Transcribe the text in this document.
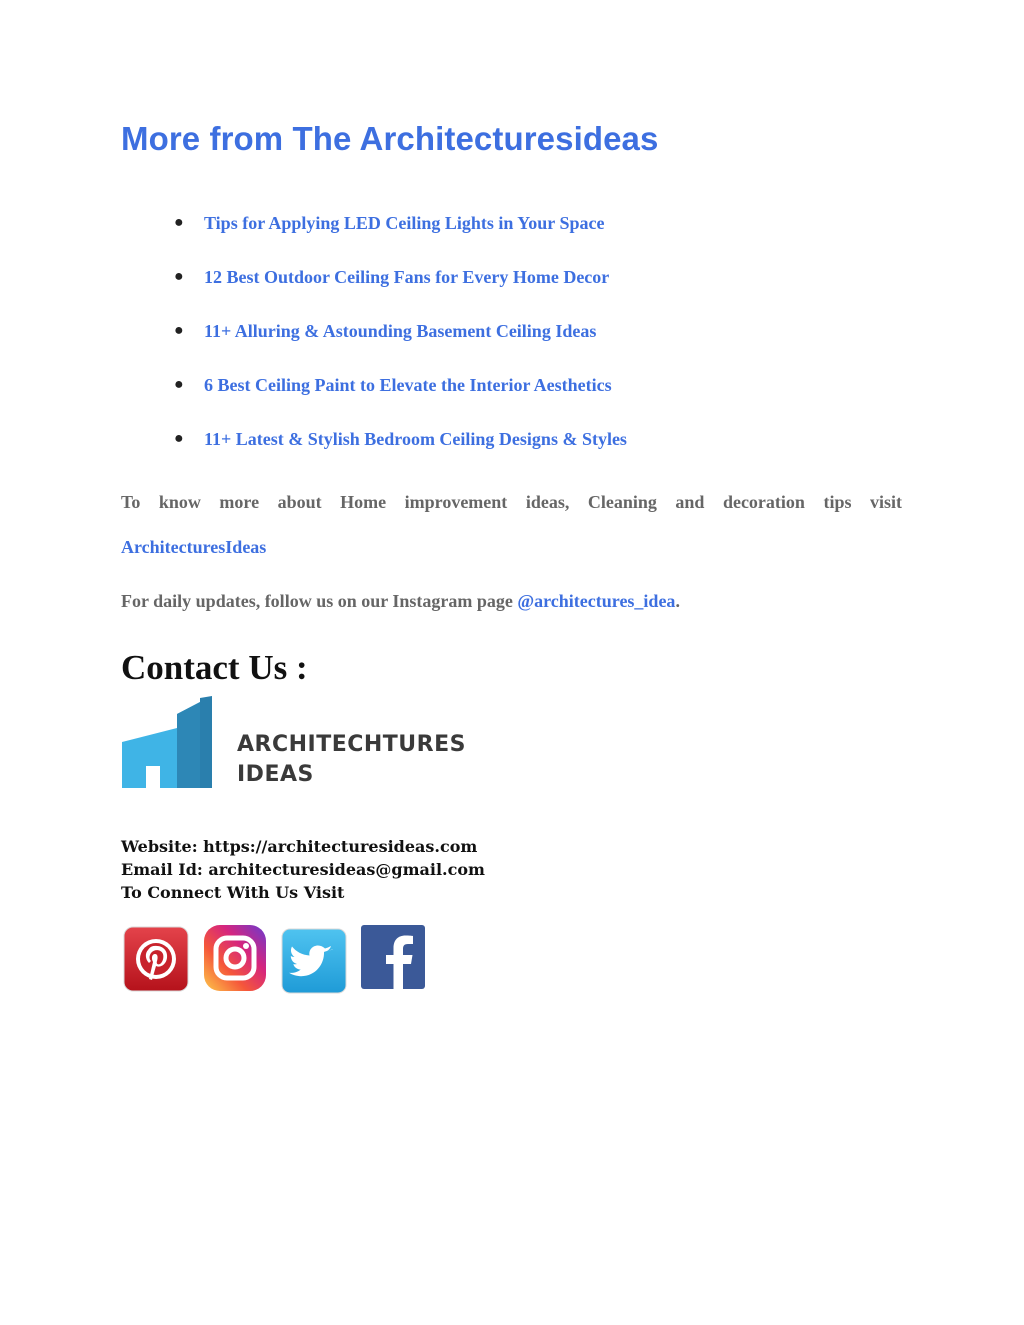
More from The Architecturesideas
●	Tips for Applying LED Ceiling Lights in Your Space
●	12 Best Outdoor Ceiling Fans for Every Home Decor
●	11+ Alluring & Astounding Basement Ceiling Ideas
●	6 Best Ceiling Paint to Elevate the Interior Aesthetics
●	11+ Latest & Stylish Bedroom Ceiling Designs & Styles

To know more about Home improvement ideas, Cleaning and decoration tips visit
ArchitecturesIdeas

For daily updates, follow us on our Instagram page @architectures_idea.

Contact Us :
ARCHITECHTURES
IDEAS
Website: https://architecturesideas.com
Email Id: architecturesideas@gmail.com
To Connect With Us Visit
